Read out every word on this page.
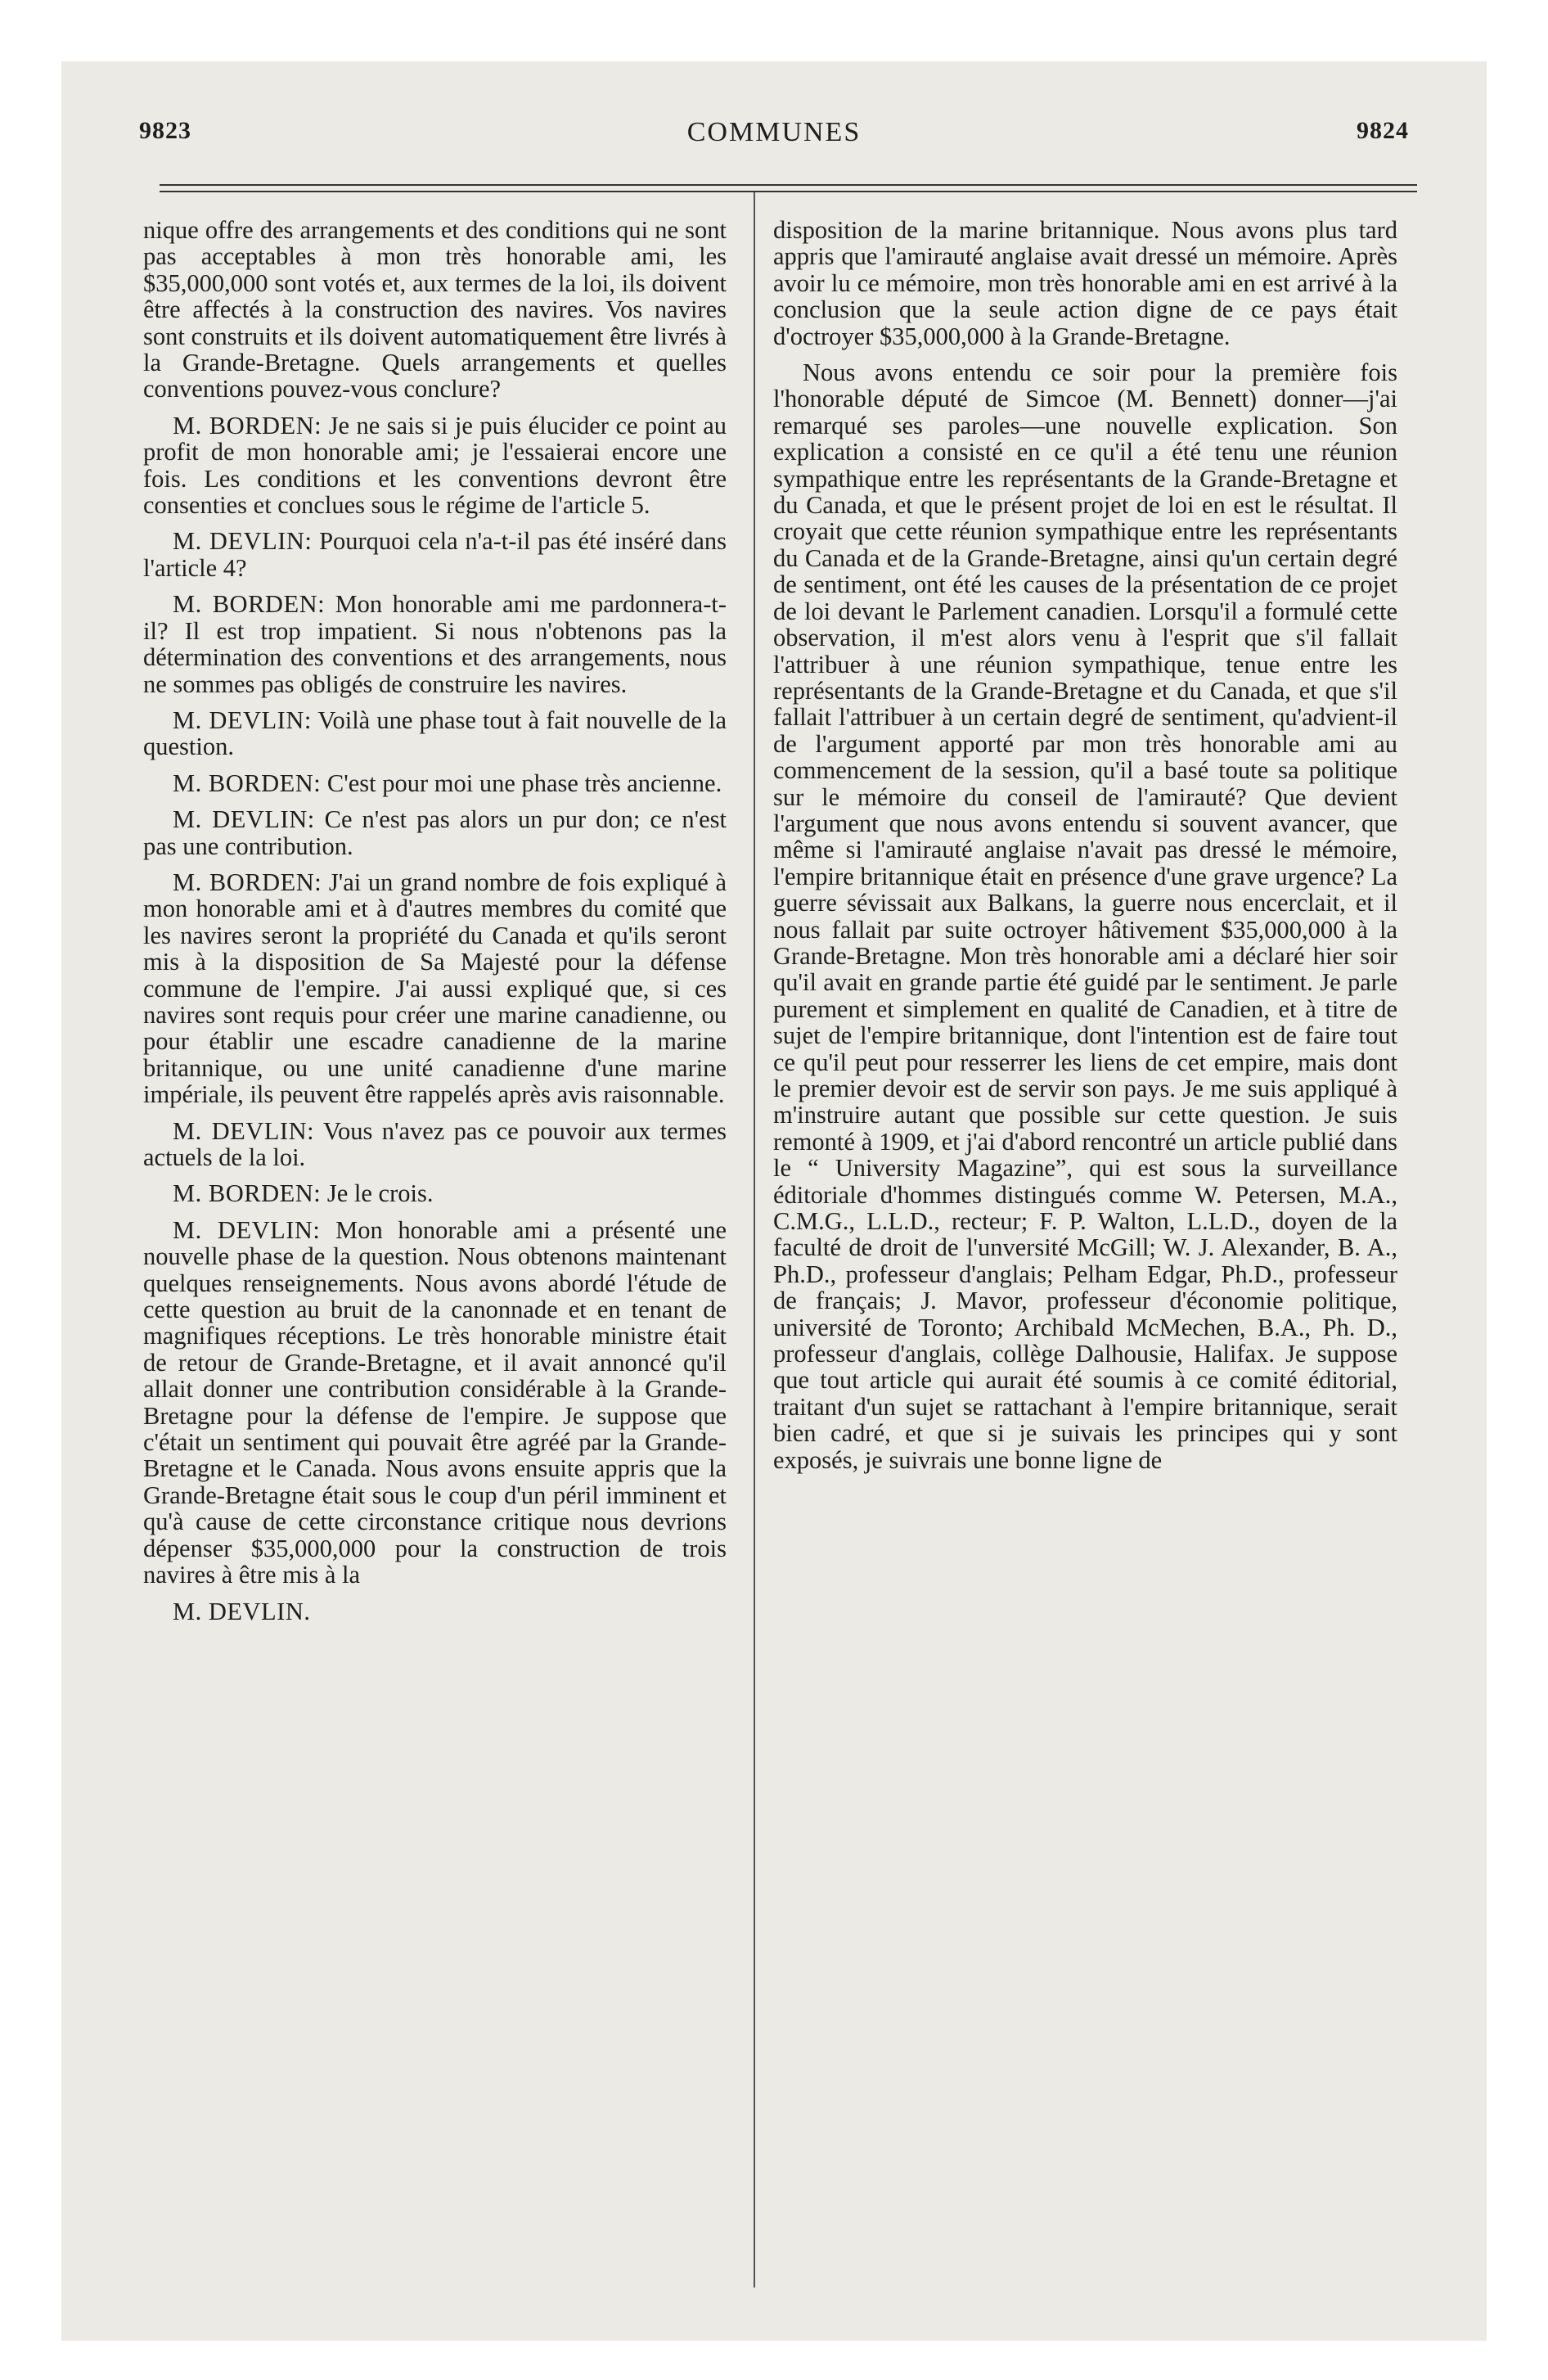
9823	COMMUNES	9824

nique offre des arrangements et des conditions qui ne sont pas acceptables à mon très honorable ami, les $35,000,000 sont votés et, aux termes de la loi, ils doivent être affectés à la construction des navires. Vos navires sont construits et ils doivent automatiquement être livrés à la Grande-Bretagne. Quels arrangements et quelles conventions pouvez-vous conclure?

M. BORDEN: Je ne sais si je puis élucider ce point au profit de mon honorable ami; je l'essaierai encore une fois. Les conditions et les conventions devront être consenties et conclues sous le régime de l'article 5.

M. DEVLIN: Pourquoi cela n'a-t-il pas été inséré dans l'article 4?

M. BORDEN: Mon honorable ami me pardonnera-t-il? Il est trop impatient. Si nous n'obtenons pas la détermination des conventions et des arrangements, nous ne sommes pas obligés de construire les navires.

M. DEVLIN: Voilà une phase tout à fait nouvelle de la question.

M. BORDEN: C'est pour moi une phase très ancienne.

M. DEVLIN: Ce n'est pas alors un pur don; ce n'est pas une contribution.

M. BORDEN: J'ai un grand nombre de fois expliqué à mon honorable ami et à d'autres membres du comité que les navires seront la propriété du Canada et qu'ils seront mis à la disposition de Sa Majesté pour la défense commune de l'empire. J'ai aussi expliqué que, si ces navires sont requis pour créer une marine canadienne, ou pour établir une escadre canadienne de la marine britannique, ou une unité canadienne d'une marine impériale, ils peuvent être rappelés après avis raisonnable.

M. DEVLIN: Vous n'avez pas ce pouvoir aux termes actuels de la loi.

M. BORDEN: Je le crois.

M. DEVLIN: Mon honorable ami a présenté une nouvelle phase de la question. Nous obtenons maintenant quelques renseignements. Nous avons abordé l'étude de cette question au bruit de la canonnade et en tenant de magnifiques réceptions. Le très honorable ministre était de retour de Grande-Bretagne, et il avait annoncé qu'il allait donner une contribution considérable à la Grande-Bretagne pour la défense de l'empire. Je suppose que c'était un sentiment qui pouvait être agréé par la Grande-Bretagne et le Canada. Nous avons ensuite appris que la Grande-Bretagne était sous le coup d'un péril imminent et qu'à cause de cette circonstance critique nous devrions dépenser $35,000,000 pour la construction de trois navires à être mis à la

M. DEVLIN.

disposition de la marine britannique. Nous avons plus tard appris que l'amirauté anglaise avait dressé un mémoire. Après avoir lu ce mémoire, mon très honorable ami en est arrivé à la conclusion que la seule action digne de ce pays était d'octroyer $35,000,000 à la Grande-Bretagne.

Nous avons entendu ce soir pour la première fois l'honorable député de Simcoe (M. Bennett) donner—j'ai remarqué ses paroles—une nouvelle explication. Son explication a consisté en ce qu'il a été tenu une réunion sympathique entre les représentants de la Grande-Bretagne et du Canada, et que le présent projet de loi en est le résultat. Il croyait que cette réunion sympathique entre les représentants du Canada et de la Grande-Bretagne, ainsi qu'un certain degré de sentiment, ont été les causes de la présentation de ce projet de loi devant le Parlement canadien. Lorsqu'il a formulé cette observation, il m'est alors venu à l'esprit que s'il fallait l'attribuer à une réunion sympathique, tenue entre les représentants de la Grande-Bretagne et du Canada, et que s'il fallait l'attribuer à un certain degré de sentiment, qu'advient-il de l'argument apporté par mon très honorable ami au commencement de la session, qu'il a basé toute sa politique sur le mémoire du conseil de l'amirauté? Que devient l'argument que nous avons entendu si souvent avancer, que même si l'amirauté anglaise n'avait pas dressé le mémoire, l'empire britannique était en présence d'une grave urgence? La guerre sévissait aux Balkans, la guerre nous encerclait, et il nous fallait par suite octroyer hâtivement $35,000,000 à la Grande-Bretagne. Mon très honorable ami a déclaré hier soir qu'il avait en grande partie été guidé par le sentiment. Je parle purement et simplement en qualité de Canadien, et à titre de sujet de l'empire britannique, dont l'intention est de faire tout ce qu'il peut pour resserrer les liens de cet empire, mais dont le premier devoir est de servir son pays. Je me suis appliqué à m'instruire autant que possible sur cette question. Je suis remonté à 1909, et j'ai d'abord rencontré un article publié dans le “ University Magazine”, qui est sous la surveillance éditoriale d'hommes distingués comme W. Petersen, M.A., C.M.G., L.L.D., recteur; F. P. Walton, L.L.D., doyen de la faculté de droit de l'unversité McGill; W. J. Alexander, B. A., Ph.D., professeur d'anglais; Pelham Edgar, Ph.D., professeur de français; J. Mavor, professeur d'économie politique, université de Toronto; Archibald McMechen, B.A., Ph. D., professeur d'anglais, collège Dalhousie, Halifax. Je suppose que tout article qui aurait été soumis à ce comité éditorial, traitant d'un sujet se rattachant à l'empire britannique, serait bien cadré, et que si je suivais les principes qui y sont exposés, je suivrais une bonne ligne de
